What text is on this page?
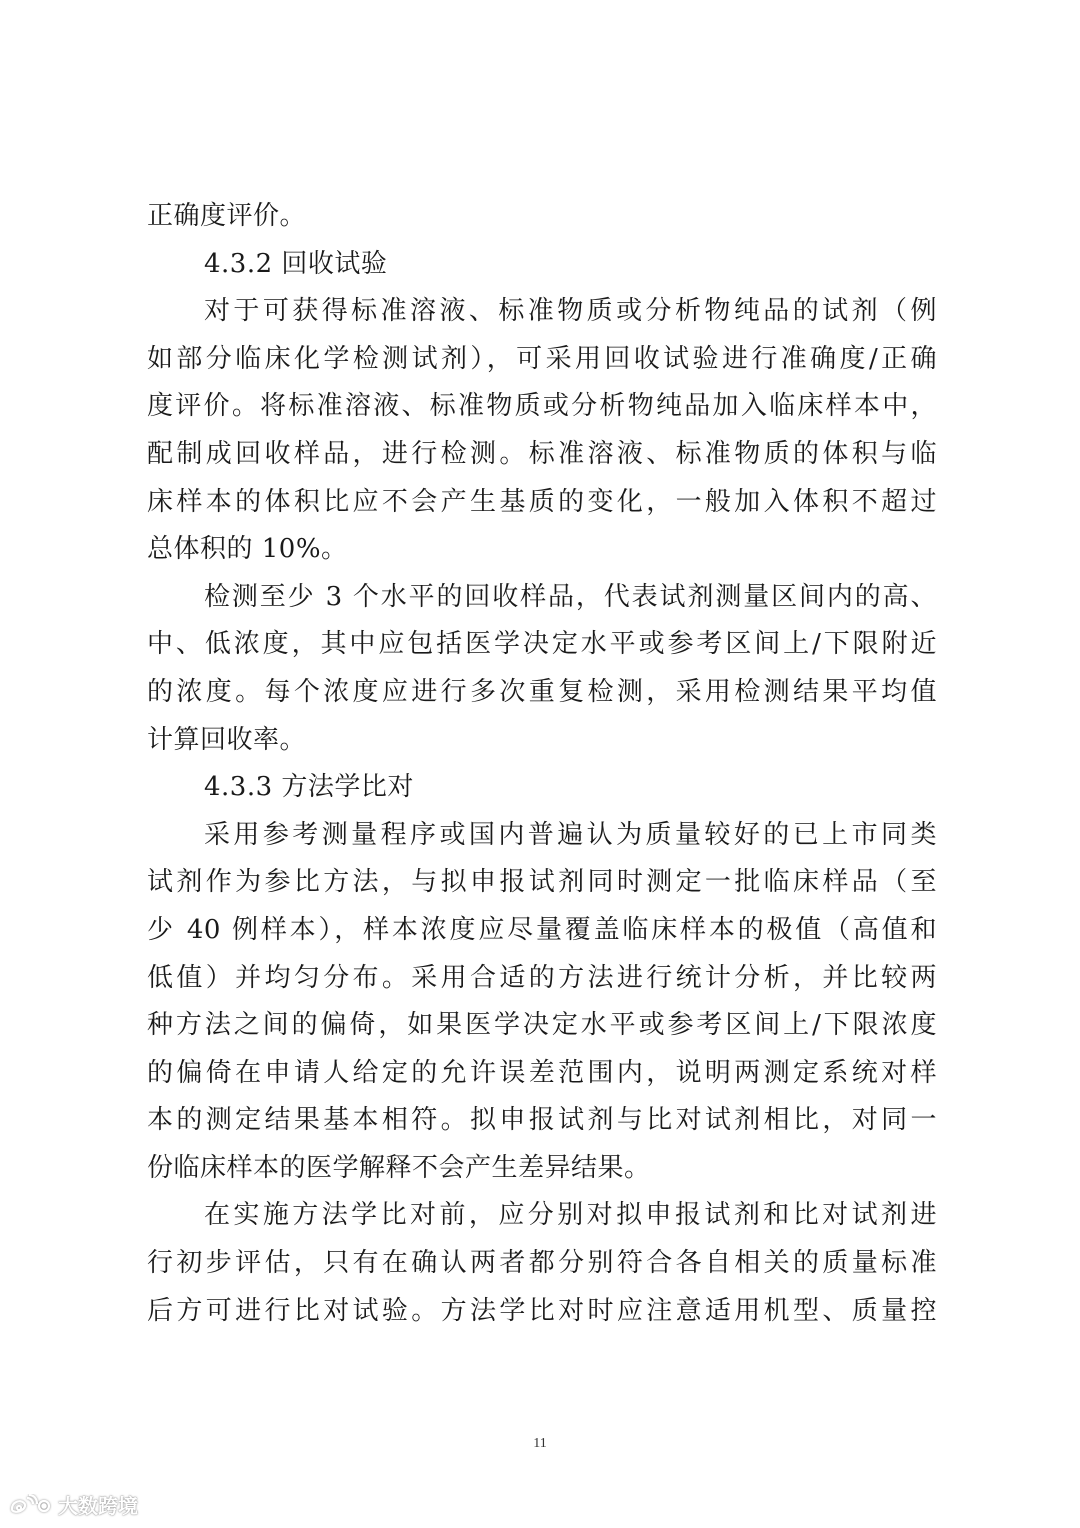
正确度评价。
4.3.2 回收试验
对于可获得标准溶液、标准物质或分析物纯品的试剂（例
如部分临床化学检测试剂），可采用回收试验进行准确度/正确
度评价。将标准溶液、标准物质或分析物纯品加入临床样本中，
配制成回收样品，进行检测。标准溶液、标准物质的体积与临
床样本的体积比应不会产生基质的变化，一般加入体积不超过
总体积的 10%。
检测至少 3 个水平的回收样品，代表试剂测量区间内的高、
中、低浓度，其中应包括医学决定水平或参考区间上/下限附近
的浓度。每个浓度应进行多次重复检测，采用检测结果平均值
计算回收率。
4.3.3 方法学比对
采用参考测量程序或国内普遍认为质量较好的已上市同类
试剂作为参比方法，与拟申报试剂同时测定一批临床样品（至
少 40 例样本），样本浓度应尽量覆盖临床样本的极值（高值和
低值）并均匀分布。采用合适的方法进行统计分析，并比较两
种方法之间的偏倚，如果医学决定水平或参考区间上/下限浓度
的偏倚在申请人给定的允许误差范围内，说明两测定系统对样
本的测定结果基本相符。拟申报试剂与比对试剂相比，对同一
份临床样本的医学解释不会产生差异结果。
在实施方法学比对前，应分别对拟申报试剂和比对试剂进
行初步评估，只有在确认两者都分别符合各自相关的质量标准
后方可进行比对试验。方法学比对时应注意适用机型、质量控
11
大数跨境
